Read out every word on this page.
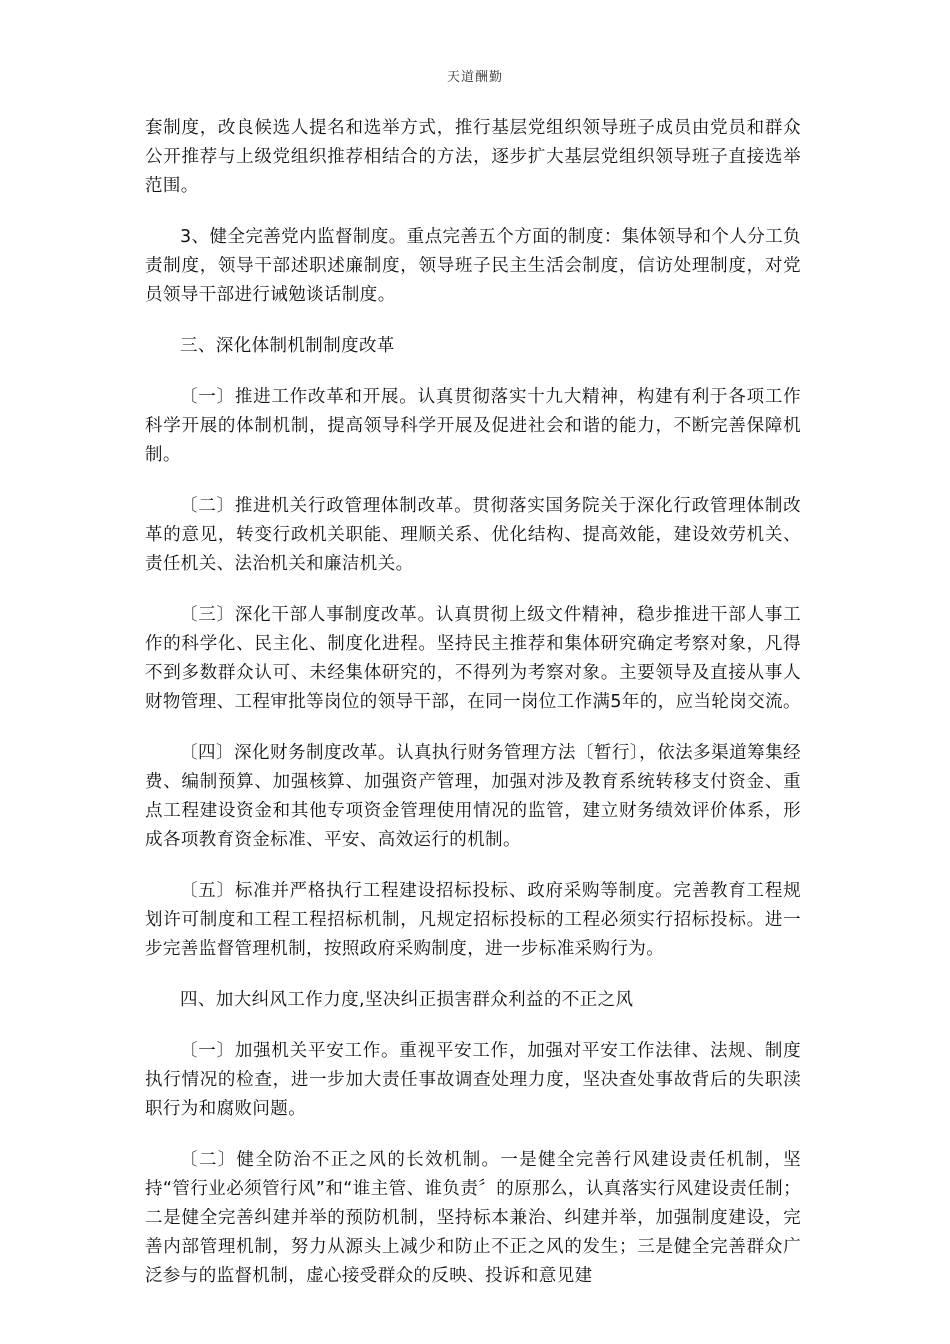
天道酬勤

套制度，改良候选人提名和选举方式，推行基层党组织领导班子成员由党员和群众公开推荐与上级党组织推荐相结合的方法，逐步扩大基层党组织领导班子直接选举范围。

3、健全完善党内监督制度。重点完善五个方面的制度：集体领导和个人分工负责制度，领导干部述职述廉制度，领导班子民主生活会制度，信访处理制度，对党员领导干部进行诫勉谈话制度。

三、深化体制机制制度改革

〔一〕推进工作改革和开展。认真贯彻落实十九大精神，构建有利于各项工作科学开展的体制机制，提高领导科学开展及促进社会和谐的能力，不断完善保障机制。

〔二〕推进机关行政管理体制改革。贯彻落实国务院关于深化行政管理体制改革的意见，转变行政机关职能、理顺关系、优化结构、提高效能，建设效劳机关、责任机关、法治机关和廉洁机关。

〔三〕深化干部人事制度改革。认真贯彻上级文件精神，稳步推进干部人事工作的科学化、民主化、制度化进程。坚持民主推荐和集体研究确定考察对象，凡得不到多数群众认可、未经集体研究的，不得列为考察对象。主要领导及直接从事人财物管理、工程审批等岗位的领导干部，在同一岗位工作满5年的，应当轮岗交流。

〔四〕深化财务制度改革。认真执行财务管理方法〔暂行〕，依法多渠道筹集经费、编制预算、加强核算、加强资产管理，加强对涉及教育系统转移支付资金、重点工程建设资金和其他专项资金管理使用情况的监管，建立财务绩效评价体系，形成各项教育资金标准、平安、高效运行的机制。

〔五〕标准并严格执行工程建设招标投标、政府采购等制度。完善教育工程规划许可制度和工程工程招标机制，凡规定招标投标的工程必须实行招标投标。进一步完善监督管理机制，按照政府采购制度，进一步标准采购行为。

四、加大纠风工作力度,坚决纠正损害群众利益的不正之风

〔一〕加强机关平安工作。重视平安工作，加强对平安工作法律、法规、制度执行情况的检查，进一步加大责任事故调查处理力度，坚决查处事故背后的失职渎职行为和腐败问题。

〔二〕健全防治不正之风的长效机制。一是健全完善行风建设责任机制，坚持“管行业必须管行风”和“谁主管、谁负责〞的原那么，认真落实行风建设责任制；二是健全完善纠建并举的预防机制，坚持标本兼治、纠建并举，加强制度建设，完善内部管理机制，努力从源头上减少和防止不正之风的发生；三是健全完善群众广泛参与的监督机制，虚心接受群众的反映、投诉和意见建
